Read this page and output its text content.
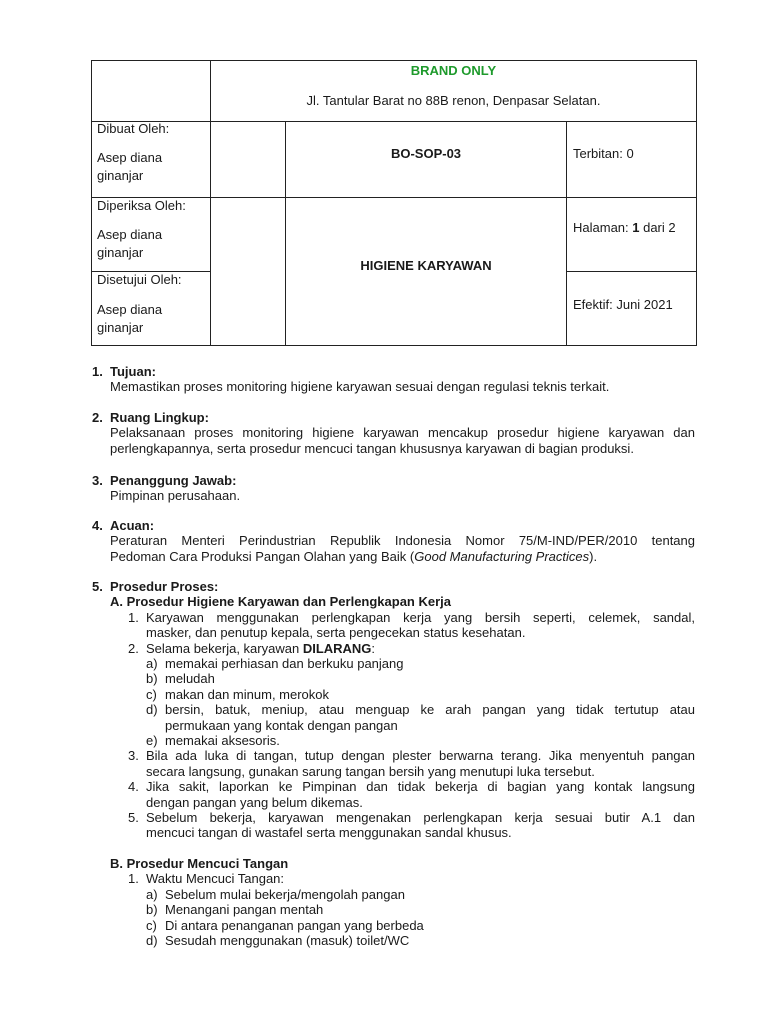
BRAND ONLY
Jl. Tantular Barat no 88B renon, Denpasar Selatan.
Dibuat Oleh:
Asep diana
ginanjar
Diperiksa Oleh:
Asep diana
ginanjar
Disetujui Oleh:
Asep diana
ginanjar
BO-SOP-03
HIGIENE KARYAWAN
Terbitan: 0
Halaman: 1 dari 2
Efektif: Juni 2021
1. Tujuan:
Memastikan proses monitoring higiene karyawan sesuai dengan regulasi teknis terkait.
2. Ruang Lingkup:
Pelaksanaan proses monitoring higiene karyawan mencakup prosedur higiene karyawan dan
perlengkapannya, serta prosedur mencuci tangan khususnya karyawan di bagian produksi.
3. Penanggung Jawab:
Pimpinan perusahaan.
4. Acuan:
Peraturan Menteri Perindustrian Republik Indonesia Nomor 75/M-IND/PER/2010 tentang
Pedoman Cara Produksi Pangan Olahan yang Baik (Good Manufacturing Practices).
5. Prosedur Proses:
A. Prosedur Higiene Karyawan dan Perlengkapan Kerja
1. Karyawan menggunakan perlengkapan kerja yang bersih seperti, celemek, sandal,
masker, dan penutup kepala, serta pengecekan status kesehatan.
2. Selama bekerja, karyawan DILARANG:
a) memakai perhiasan dan berkuku panjang
b) meludah
c) makan dan minum, merokok
d) bersin, batuk, meniup, atau menguap ke arah pangan yang tidak tertutup atau
permukaan yang kontak dengan pangan
e) memakai aksesoris.
3. Bila ada luka di tangan, tutup dengan plester berwarna terang. Jika menyentuh pangan
secara langsung, gunakan sarung tangan bersih yang menutupi luka tersebut.
4. Jika sakit, laporkan ke Pimpinan dan tidak bekerja di bagian yang kontak langsung
dengan pangan yang belum dikemas.
5. Sebelum bekerja, karyawan mengenakan perlengkapan kerja sesuai butir A.1 dan
mencuci tangan di wastafel serta menggunakan sandal khusus.
B. Prosedur Mencuci Tangan
1. Waktu Mencuci Tangan:
a) Sebelum mulai bekerja/mengolah pangan
b) Menangani pangan mentah
c) Di antara penanganan pangan yang berbeda
d) Sesudah menggunakan (masuk) toilet/WC
